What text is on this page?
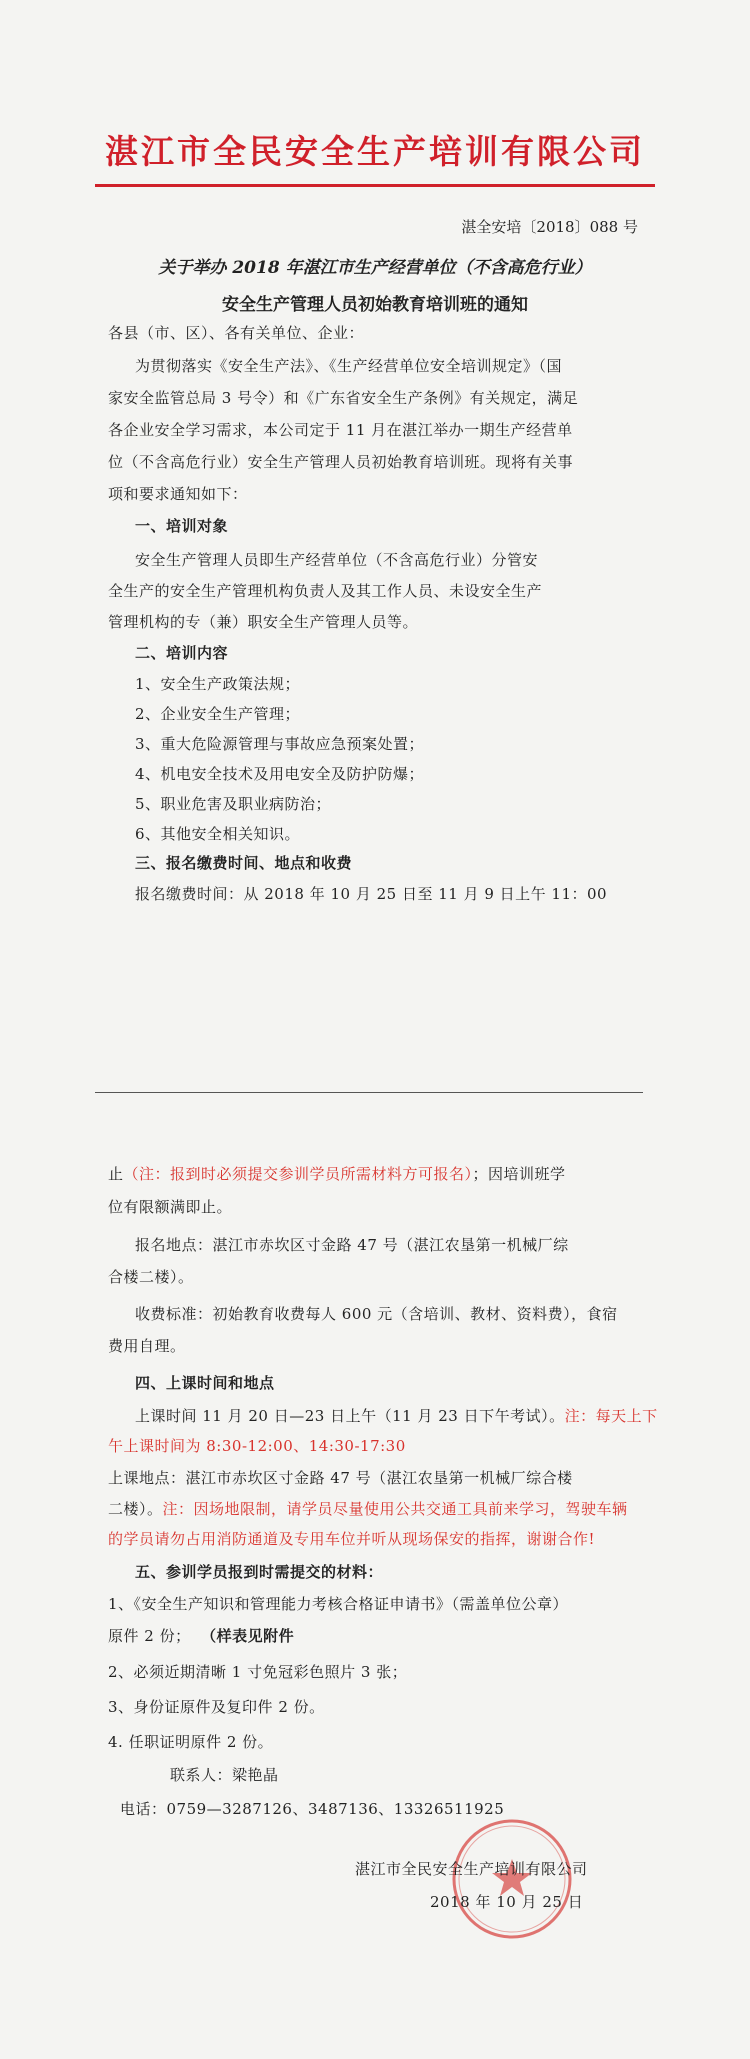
湛江市全民安全生产培训有限公司
湛全安培〔2018〕088 号
关于举办 2018 年湛江市生产经营单位（不含高危行业）
安全生产管理人员初始教育培训班的通知
各县（市、区）、各有关单位、企业：
为贯彻落实《安全生产法》、《生产经营单位安全培训规定》（国
家安全监管总局 3 号令）和《广东省安全生产条例》有关规定，满足
各企业安全学习需求，本公司定于 11 月在湛江举办一期生产经营单
位（不含高危行业）安全生产管理人员初始教育培训班。现将有关事
项和要求通知如下：
一、培训对象
安全生产管理人员即生产经营单位（不含高危行业）分管安
全生产的安全生产管理机构负责人及其工作人员、未设安全生产
管理机构的专（兼）职安全生产管理人员等。
二、培训内容
1、安全生产政策法规；
2、企业安全生产管理；
3、重大危险源管理与事故应急预案处置；
4、机电安全技术及用电安全及防护防爆；
5、职业危害及职业病防治；
6、其他安全相关知识。
三、报名缴费时间、地点和收费
报名缴费时间：从 2018 年 10 月 25 日至 11 月 9 日上午 11：00
止（注：报到时必须提交参训学员所需材料方可报名）；因培训班学
位有限额满即止。
报名地点：湛江市赤坎区寸金路 47 号（湛江农垦第一机械厂综
合楼二楼）。
收费标准：初始教育收费每人 600 元（含培训、教材、资料费），食宿
费用自理。
四、上课时间和地点
上课时间 11 月 20 日—23 日上午（11 月 23 日下午考试）。注：每天上下
午上课时间为 8:30-12:00、14:30-17:30
上课地点：湛江市赤坎区寸金路 47 号（湛江农垦第一机械厂综合楼
二楼）。注：因场地限制，请学员尽量使用公共交通工具前来学习，驾驶车辆
的学员请勿占用消防通道及专用车位并听从现场保安的指挥，谢谢合作!
五、参训学员报到时需提交的材料：
1、《安全生产知识和管理能力考核合格证申请书》（需盖单位公章）
原件 2 份； （样表见附件
2、必须近期清晰 1 寸免冠彩色照片 3 张；
3、身份证原件及复印件 2 份。
4. 任职证明原件 2 份。
联系人：梁艳晶
电话：0759—3287126、3487136、13326511925
湛江市全民安全生产培训有限公司
2018 年 10 月 25 日
